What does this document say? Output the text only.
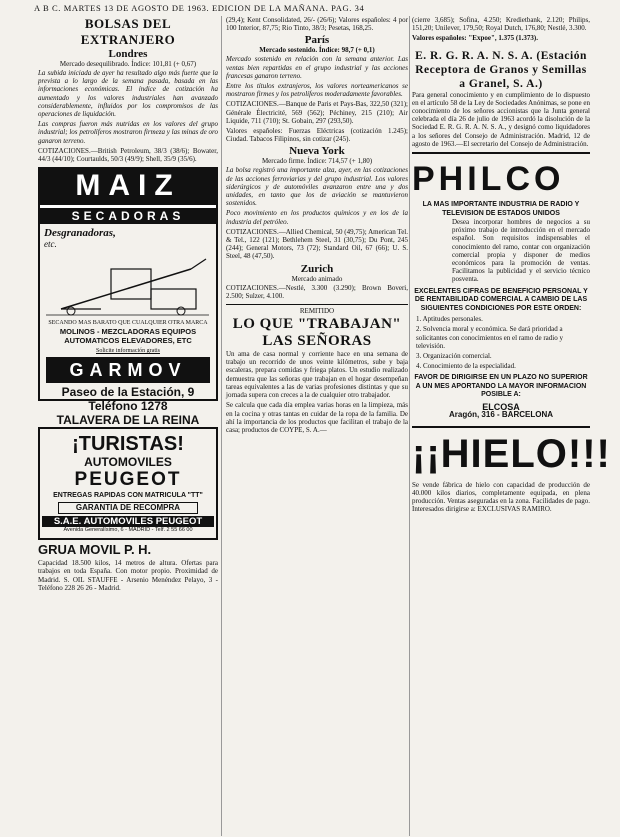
A B C. MARTES 13 DE AGOSTO DE 1963. EDICION DE LA MAÑANA. PAG. 34
BOLSAS DEL EXTRANJERO
Londres
Mercado desequilibrado. Índice: 101,81 (+ 0,67)

La subida iniciada de ayer ha resultado algo más fuerte que la prevista a lo largo de la semana pasada, basada en las informaciones económicas. El índice de cotización ha aumentado y los valores industriales han avanzado considerablemente, influidos por los compromisos de las operaciones de liquidación.

Las compras fueron más nutridas en los valores del grupo industrial; los petrolíferos mostraron firmeza y las minas de oro ganaron terreno.

COTIZACIONES.—British Petroleum, 38/3 (38/6); Bowater, 44/3 (44/10); Courtaulds, 50/3 (49/9); Shell, 35/9 (35/6).

MAIZ
SECADORAS
Desgranadoras,
etc.
SECANDO MAS BARATO QUE CUALQUIER OTRA MARCA
MOLINOS - MEZCLADORAS EQUIPOS AUTOMATICOS ELEVADORES, ETC
Solicite información gratis
GARMOV
Paseo de la Estación, 9
Teléfono 1278
TALAVERA DE LA REINA
¡TURISTAS!
AUTOMOVILES
PEUGEOT
ENTREGAS RAPIDAS CON MATRICULA "TT"
GARANTIA DE RECOMPRA
S.A.E. AUTOMOVILES PEUGEOT
Avenida Generalísimo, 6 - MADRID - Telf. 2 55 66 00
GRUA MOVIL P. H.

Capacidad 18.500 kilos, 14 metros de altura. Ofertas para trabajos en toda España. Con motor propio. Proximidad de Madrid. S. OIL STAUFFE - Arsenio Menéndez Pelayo, 3 - Teléfono 228 26 26 - Madrid.

(29,4); Kent Consolidated, 26/- (26/6); Valores españoles: 4 por 100 Interior, 87,75; Rio Tinto, 38/3; Pesetas, 168,25.

París
Mercado sostenido. Índice: 98,7 (+ 0,1)

Mercado sostenido en relación con la semana anterior. Las ventas bien repartidas en el grupo industrial y las acciones francesas ganaron terreno.

Entre los títulos extranjeros, los valores norteamericanos se mostraron firmes y los petrolíferos moderadamente favorables.

COTIZACIONES.—Banque de Paris et Pays-Bas, 322,50 (321); Générale Électricité, 569 (562); Péchiney, 215 (210); Air Liquide, 711 (710); St. Gobain, 297 (293,50).

Valores españoles: Fuerzas Eléctricas (cotización 1.245); Ciudad. Tabacos Filipinos, sin cotizar (245).

Nueva York
Mercado firme. Índice: 714,57 (+ 1,80)

La bolsa registró una importante alza, ayer, en las cotizaciones de las acciones ferroviarias y del grupo industrial. Los valores siderúrgicos y de automóviles avanzaron entre una y dos unidades, en tanto que los de aviación se mantuvieron sostenidos.

Poco movimiento en los productos químicos y en los de la industria del petróleo.

COTIZACIONES.—Allied Chemical, 50 (49,75); American Tel. & Tel., 122 (121); Bethlehem Steel, 31 (30,75); Du Pont, 245 (244); General Motors, 73 (72); Standard Oil, 67 (66); U. S. Steel, 48 (47,50).

Zurich
Mercado animado

COTIZACIONES.—Nestlé, 3.300 (3.290); Brown Boveri, 2.500; Sulzer, 4.100.

REMITIDO
LO QUE "TRABAJAN" LAS SEÑORAS

Un ama de casa normal y corriente hace en una semana de trabajo un recorrido de unos veinte kilómetros, sube y baja escaleras, prepara comidas y friega platos. Un estudio realizado demuestra que las señoras que trabajan en el hogar desempeñan tareas equivalentes a las de varias profesiones distintas y que su jornada supera con creces a la de cualquier otro trabajador.

Se calcula que cada día emplea varias horas en la limpieza, más en la cocina y otras tantas en cuidar de la ropa de la familia. De ahí la importancia de los productos que facilitan el trabajo de la casa; productos de COYPE, S. A.—

(cierre 3,685); Sofina, 4.250; Kredietbank, 2.120; Philips, 151,20; Unilever, 179,50; Royal Dutch, 176,80; Nestlé, 3.300.

Valores españoles: "Expoe", 1.375 (1.373).

E. R. G. R. A. N. S. A. (Estación Receptora de Granos y Semillas a Granel, S. A.)

Para general conocimiento y en cumplimiento de lo dispuesto en el artículo 58 de la Ley de Sociedades Anónimas, se pone en conocimiento de los señores accionistas que la Junta general celebrada el día 26 de julio de 1963 acordó la disolución de la Sociedad E. R. G. R. A. N. S. A., y designó como liquidadores a los señores del Consejo de Administración. Madrid, 12 de agosto de 1963.—El secretario del Consejo de Administración.

PHILCO
LA MAS IMPORTANTE INDUSTRIA DE RADIO Y TELEVISION DE ESTADOS UNIDOS

Desea incorporar hombres de negocios a su próximo trabajo de introducción en el mercado español. Son requisitos indispensables el conocimiento del ramo, contar con organización comercial propia y disponer de medios económicos para la promoción de ventas. Facilitamos la publicidad y el servicio técnico posventa.

EXCELENTES CIFRAS DE BENEFICIO PERSONAL Y DE RENTABILIDAD COMERCIAL A CAMBIO DE LAS SIGUIENTES CONDICIONES POR ESTE ORDEN:
1. Aptitudes personales.
2. Solvencia moral y económica. Se dará prioridad a solicitantes con conocimientos en el ramo de radio y televisión.
3. Organización comercial.
4. Conocimiento de la especialidad.
FAVOR DE DIRIGIRSE EN UN PLAZO NO SUPERIOR A UN MES APORTANDO LA MAYOR INFORMACION POSIBLE A:
ELCOSA
Aragón, 316 - BARCELONA
¡¡HIELO!!!

Se vende fábrica de hielo con capacidad de producción de 40.000 kilos diarios, completamente equipada, en plena producción. Ventas aseguradas en la zona. Facilidades de pago. Interesados dirigirse a: EXCLUSIVAS RAMIRO.
